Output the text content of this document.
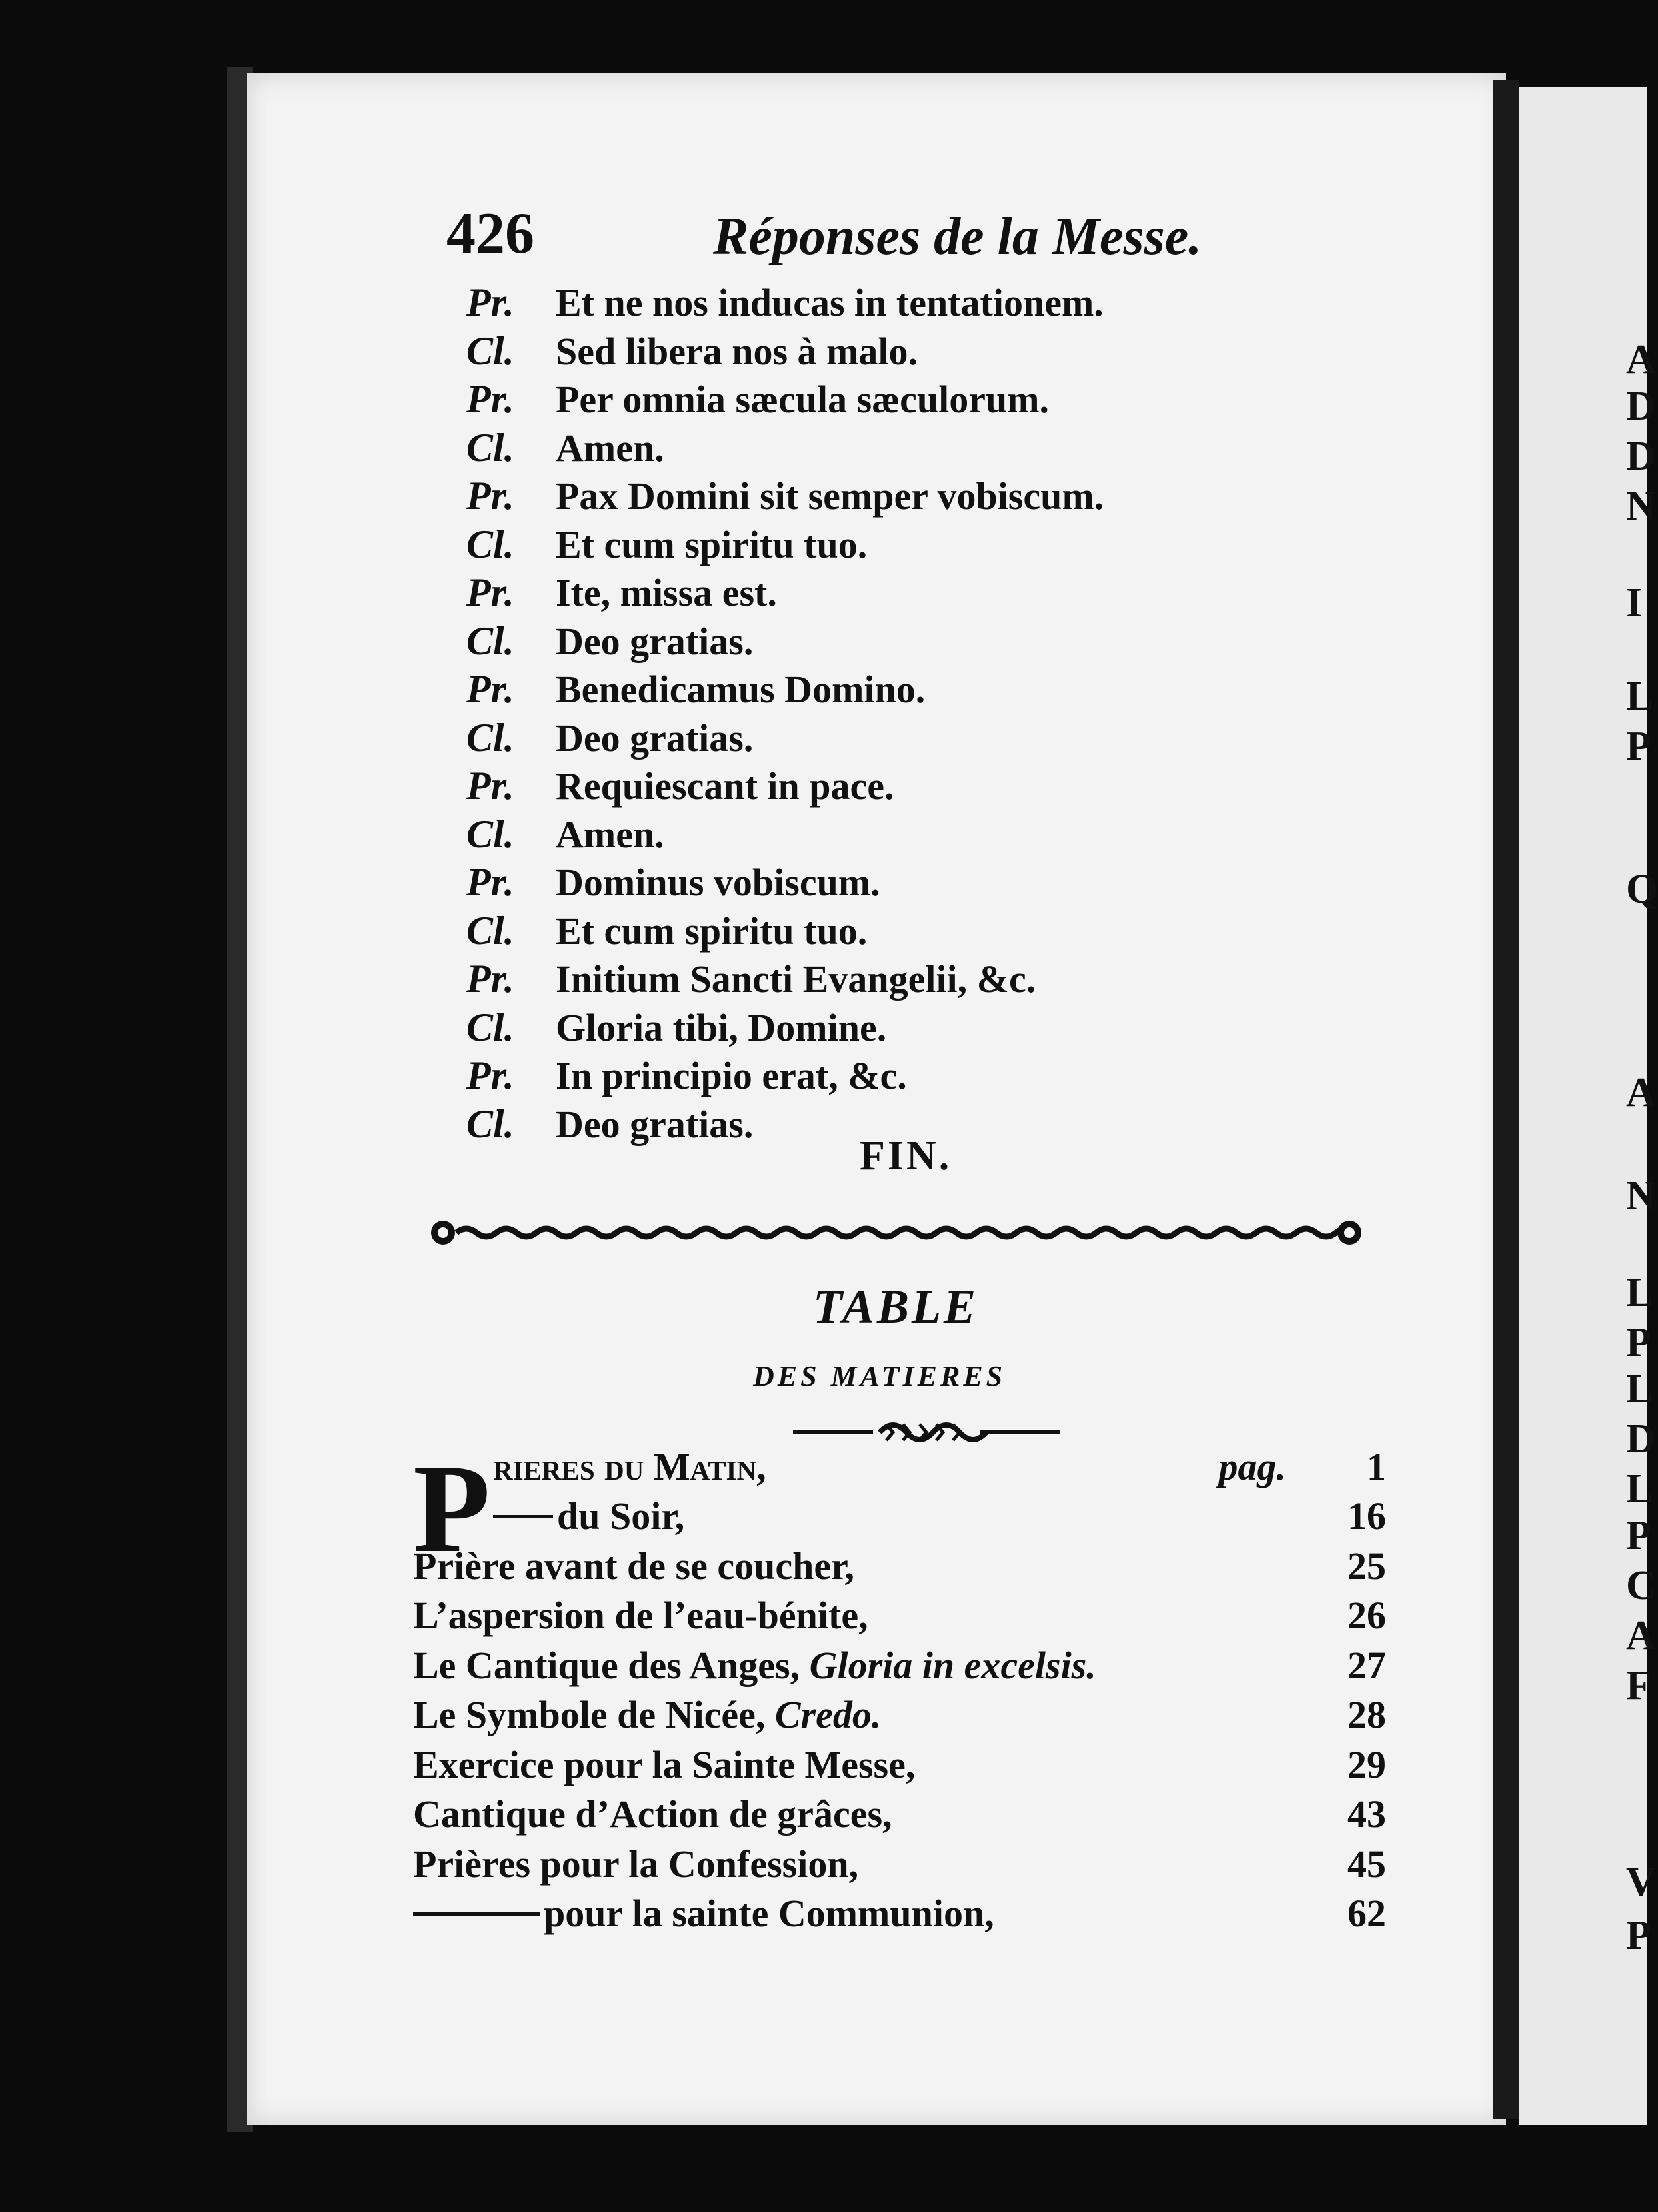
A
D
D
N
I
L
P
Q
A
N
L
P
L
D
L
P
C
A
F
V
P
426	Réponses de la Messe.
Pr.	Et ne nos inducas in tentationem.
Cl.	Sed libera nos à malo.
Pr.	Per omnia sæcula sæculorum.
Cl.	Amen.
Pr.	Pax Domini sit semper vobiscum.
Cl.	Et cum spiritu tuo.
Pr.	Ite, missa est.
Cl.	Deo gratias.
Pr.	Benedicamus Domino.
Cl.	Deo gratias.
Pr.	Requiescant in pace.
Cl.	Amen.
Pr.	Dominus vobiscum.
Cl.	Et cum spiritu tuo.
Pr.	Initium Sancti Evangelii, &c.
Cl.	Gloria tibi, Domine.
Pr.	In principio erat, &c.
Cl.	Deo gratias.
FIN.
TABLE
DES MATIERES
P rieres du Matin,	pag. 1
du Soir,	16
Prière avant de se coucher,	25
L’aspersion de l’eau-bénite,	26
Le Cantique des Anges, Gloria in excelsis.	27
Le Symbole de Nicée, Credo.	28
Exercice pour la Sainte Messe,	29
Cantique d’Action de grâces,	43
Prières pour la Confession,	45
pour la sainte Communion,	62
